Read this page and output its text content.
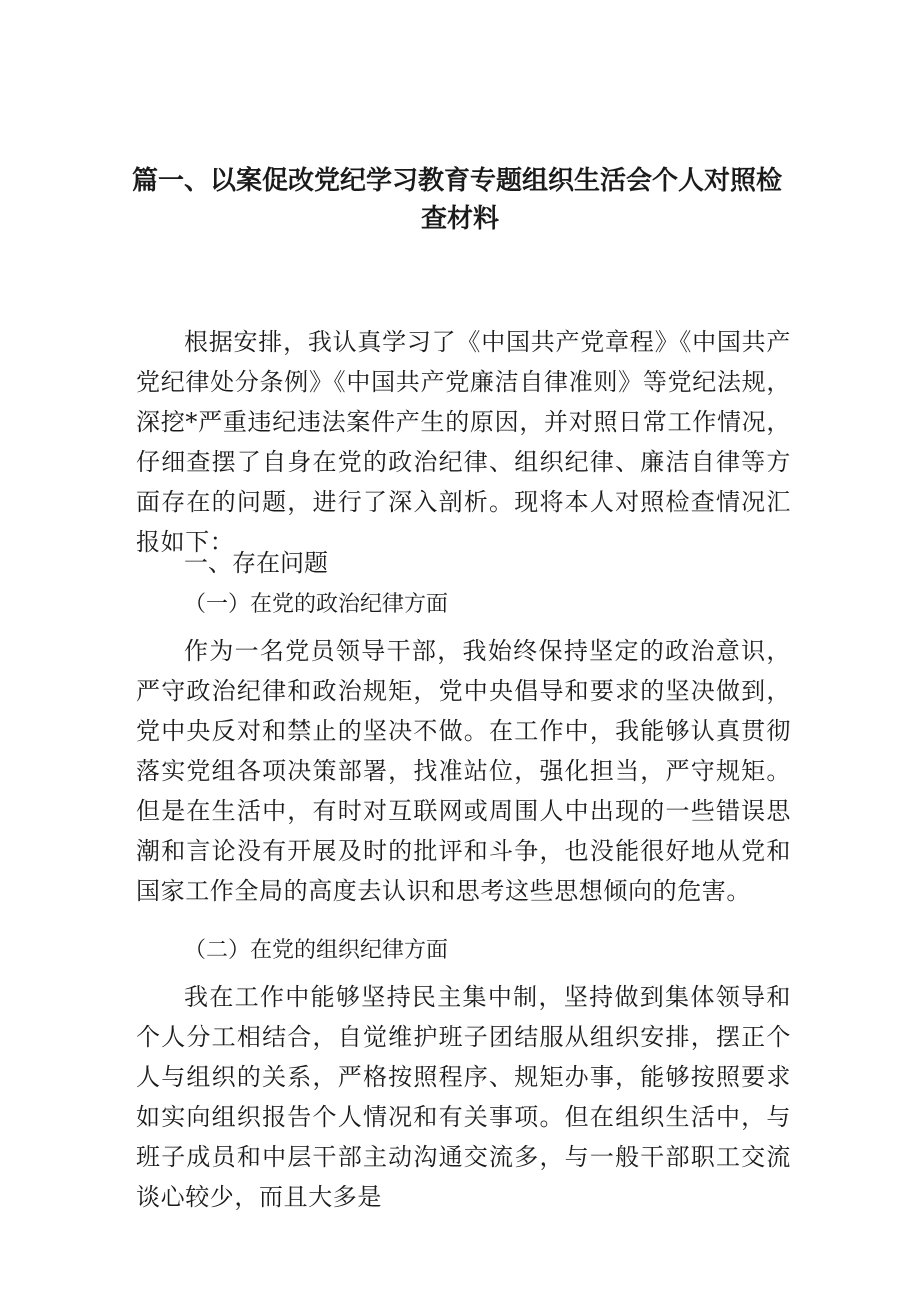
篇一、以案促改党纪学习教育专题组织生活会个人对照检
查材料

根据安排，我认真学习了《中国共产党章程》《中国共产党纪律处分条例》《中国共产党廉洁自律准则》等党纪法规，深挖*严重违纪违法案件产生的原因，并对照日常工作情况，仔细查摆了自身在党的政治纪律、组织纪律、廉洁自律等方面存在的问题，进行了深入剖析。现将本人对照检查情况汇报如下：

一、存在问题
（一）在党的政治纪律方面

作为一名党员领导干部，我始终保持坚定的政治意识，严守政治纪律和政治规矩，党中央倡导和要求的坚决做到，党中央反对和禁止的坚决不做。在工作中，我能够认真贯彻落实党组各项决策部署，找准站位，强化担当，严守规矩。但是在生活中，有时对互联网或周围人中出现的一些错误思潮和言论没有开展及时的批评和斗争，也没能很好地从党和国家工作全局的高度去认识和思考这些思想倾向的危害。

（二）在党的组织纪律方面

我在工作中能够坚持民主集中制，坚持做到集体领导和个人分工相结合，自觉维护班子团结服从组织安排，摆正个人与组织的关系，严格按照程序、规矩办事，能够按照要求如实向组织报告个人情况和有关事项。但在组织生活中，与班子成员和中层干部主动沟通交流多，与一般干部职工交流谈心较少，而且大多是
